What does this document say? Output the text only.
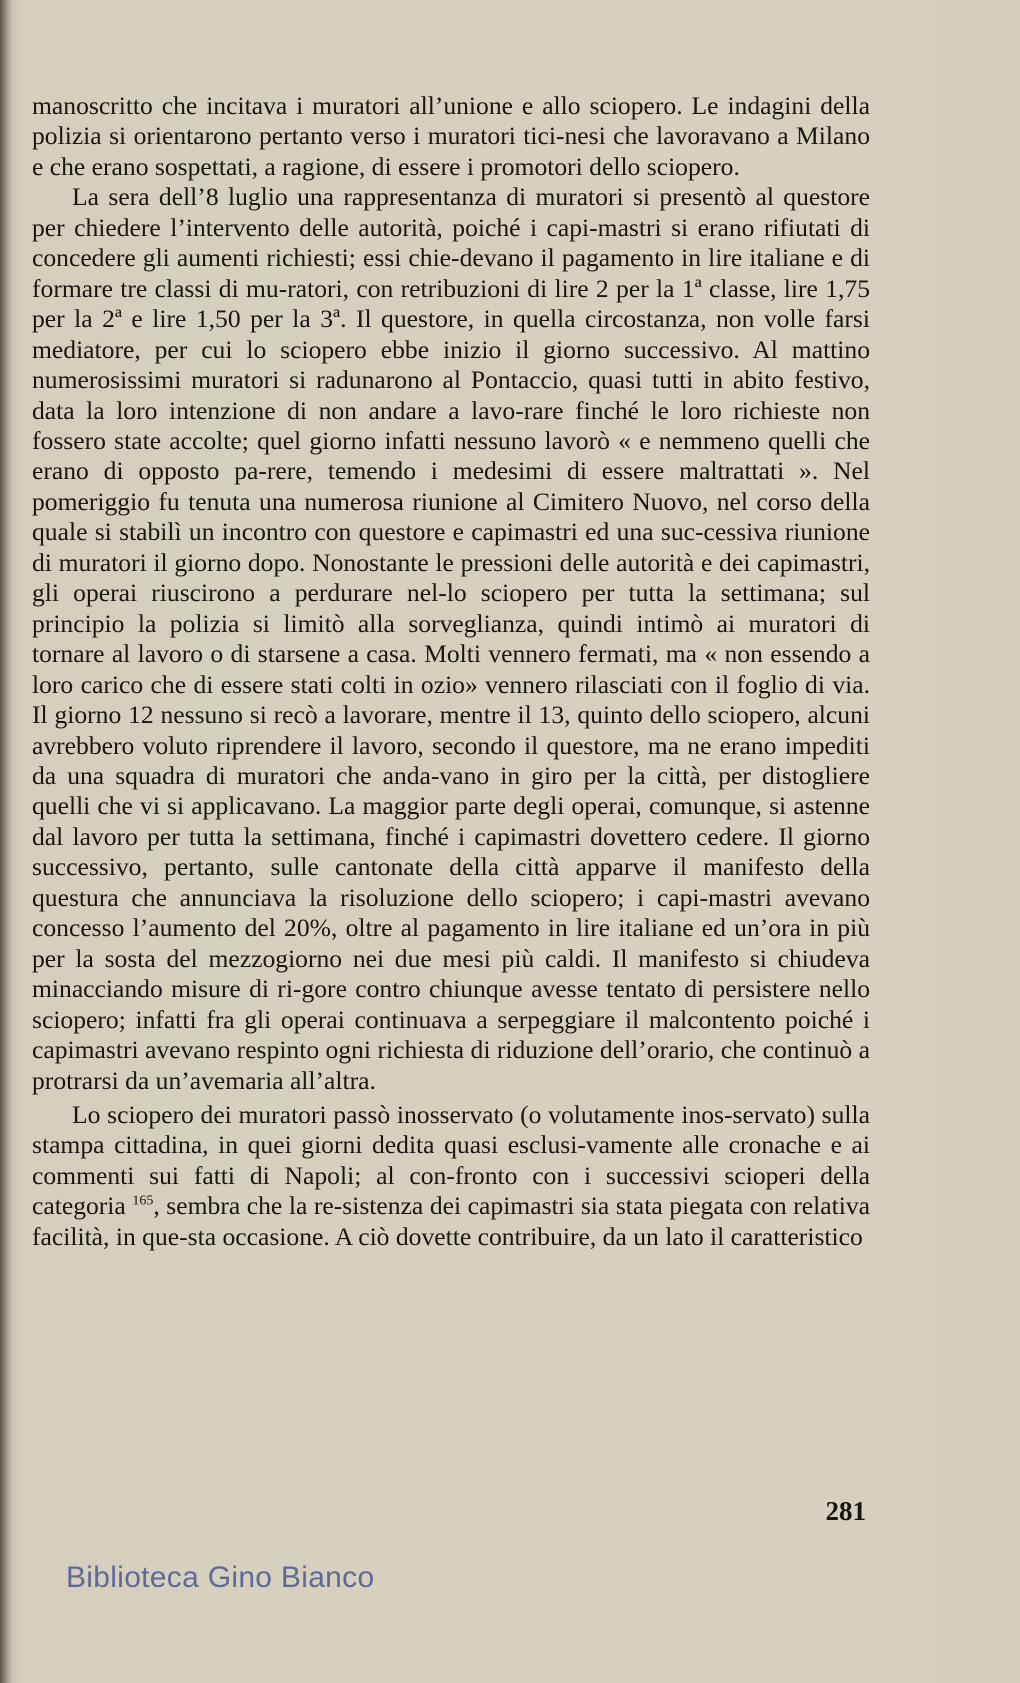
manoscritto che incitava i muratori all’unione e allo sciopero. Le indagini della polizia si orientarono pertanto verso i muratori tici-nesi che lavoravano a Milano e che erano sospettati, a ragione, di essere i promotori dello sciopero.

La sera dell’8 luglio una rappresentanza di muratori si presentò al questore per chiedere l’intervento delle autorità, poiché i capi-mastri si erano rifiutati di concedere gli aumenti richiesti; essi chie-devano il pagamento in lire italiane e di formare tre classi di mu-ratori, con retribuzioni di lire 2 per la 1ª classe, lire 1,75 per la 2ª e lire 1,50 per la 3ª. Il questore, in quella circostanza, non volle farsi mediatore, per cui lo sciopero ebbe inizio il giorno successivo. Al mattino numerosissimi muratori si radunarono al Pontaccio, quasi tutti in abito festivo, data la loro intenzione di non andare a lavo-rare finché le loro richieste non fossero state accolte; quel giorno infatti nessuno lavorò « e nemmeno quelli che erano di opposto pa-rere, temendo i medesimi di essere maltrattati ». Nel pomeriggio fu tenuta una numerosa riunione al Cimitero Nuovo, nel corso della quale si stabilì un incontro con questore e capimastri ed una suc-cessiva riunione di muratori il giorno dopo. Nonostante le pressioni delle autorità e dei capimastri, gli operai riuscirono a perdurare nel-lo sciopero per tutta la settimana; sul principio la polizia si limitò alla sorveglianza, quindi intimò ai muratori di tornare al lavoro o di starsene a casa. Molti vennero fermati, ma « non essendo a loro carico che di essere stati colti in ozio» vennero rilasciati con il foglio di via. Il giorno 12 nessuno si recò a lavorare, mentre il 13, quinto dello sciopero, alcuni avrebbero voluto riprendere il lavoro, secondo il questore, ma ne erano impediti da una squadra di muratori che anda-vano in giro per la città, per distogliere quelli che vi si applicavano. La maggior parte degli operai, comunque, si astenne dal lavoro per tutta la settimana, finché i capimastri dovettero cedere. Il giorno successivo, pertanto, sulle cantonate della città apparve il manifesto della questura che annunciava la risoluzione dello sciopero; i capi-mastri avevano concesso l’aumento del 20%, oltre al pagamento in lire italiane ed un’ora in più per la sosta del mezzogiorno nei due mesi più caldi. Il manifesto si chiudeva minacciando misure di ri-gore contro chiunque avesse tentato di persistere nello sciopero; infatti fra gli operai continuava a serpeggiare il malcontento poiché i capimastri avevano respinto ogni richiesta di riduzione dell’orario, che continuò a protrarsi da un’avemaria all’altra.

Lo sciopero dei muratori passò inosservato (o volutamente inos-servato) sulla stampa cittadina, in quei giorni dedita quasi esclusi-vamente alle cronache e ai commenti sui fatti di Napoli; al con-fronto con i successivi scioperi della categoria $^{165}$, sembra che la re-sistenza dei capimastri sia stata piegata con relativa facilità, in que-sta occasione. A ciò dovette contribuire, da un lato il caratteristico

281
Biblioteca Gino Bianco
